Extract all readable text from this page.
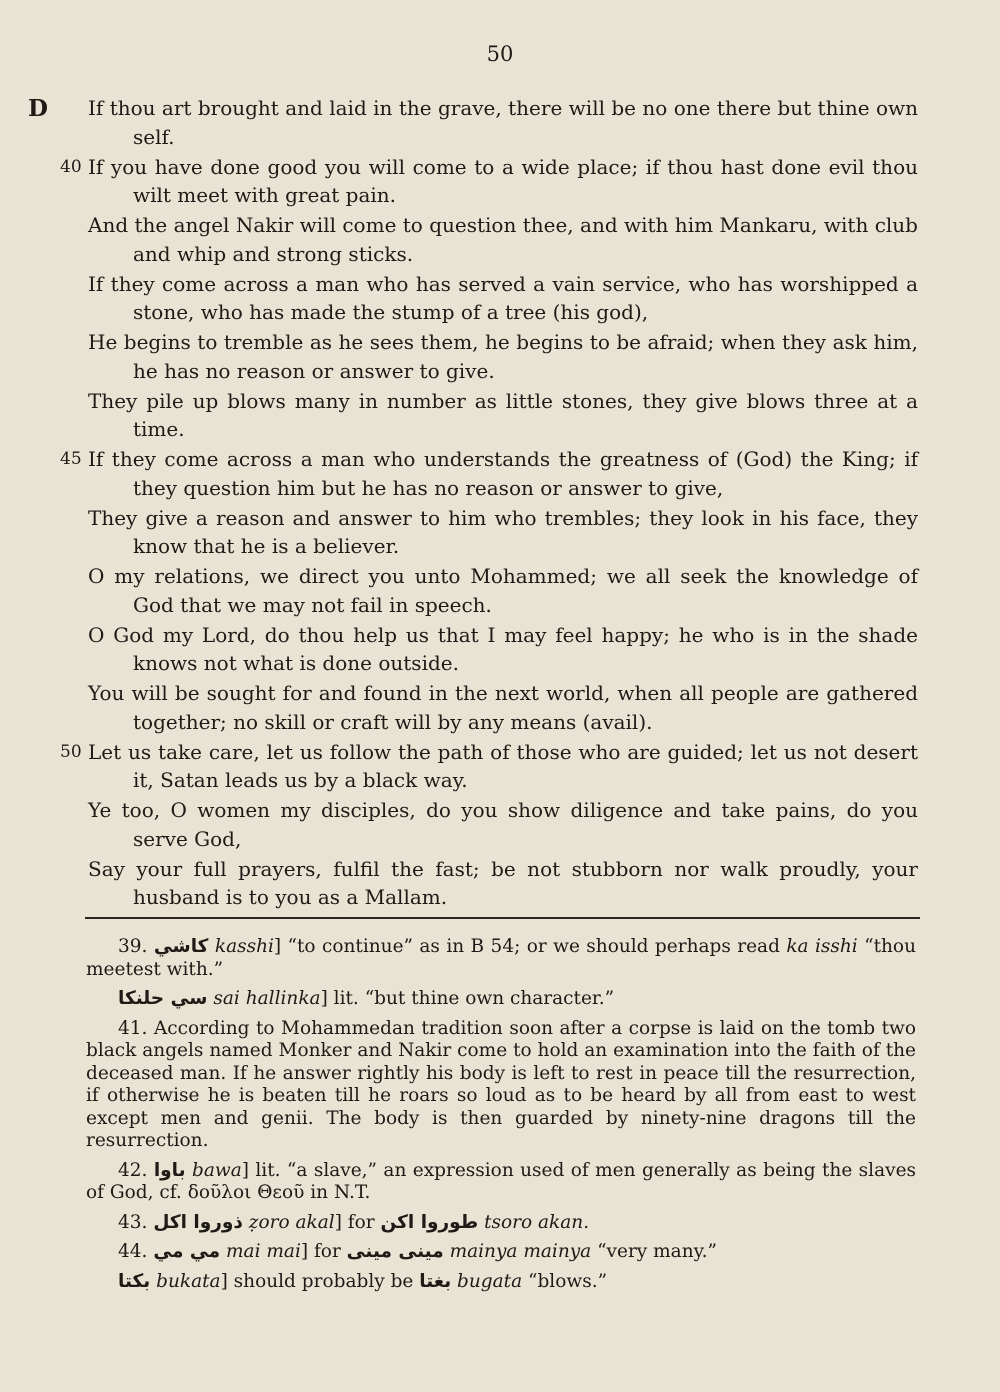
50
D If thou art brought and laid in the grave, there will be no one there but thine own self.
40 If you have done good you will come to a wide place; if thou hast done evil thou wilt meet with great pain.
And the angel Nakir will come to question thee, and with him Mankaru, with club and whip and strong sticks.
If they come across a man who has served a vain service, who has worshipped a stone, who has made the stump of a tree (his god),
He begins to tremble as he sees them, he begins to be afraid; when they ask him, he has no reason or answer to give.
They pile up blows many in number as little stones, they give blows three at a time.
45 If they come across a man who understands the greatness of (God) the King; if they question him but he has no reason or answer to give,
They give a reason and answer to him who trembles; they look in his face, they know that he is a believer.
O my relations, we direct you unto Mohammed; we all seek the knowledge of God that we may not fail in speech.
O God my Lord, do thou help us that I may feel happy; he who is in the shade knows not what is done outside.
You will be sought for and found in the next world, when all people are gathered together; no skill or craft will by any means (avail).
50 Let us take care, let us follow the path of those who are guided; let us not desert it, Satan leads us by a black way.
Ye too, O women my disciples, do you show diligence and take pains, do you serve God,
Say your full prayers, fulfil the fast; be not stubborn nor walk proudly, your husband is to you as a Mallam.

39. كاشي kasshi] “to continue” as in B 54; or we should perhaps read ka isshi “thou meetest with.”

سي حلنكا sai hallinka] lit. “but thine own character.”

41. According to Mohammedan tradition soon after a corpse is laid on the tomb two black angels named Monker and Nakir come to hold an examination into the faith of the deceased man. If he answer rightly his body is left to rest in peace till the resurrection, if otherwise he is beaten till he roars so loud as to be heard by all from east to west except men and genii. The body is then guarded by ninety-nine dragons till the resurrection.

42. باوا bawa] lit. “a slave,” an expression used of men generally as being the slaves of God, cf. δοῦλοι Θεοῦ in N.T.

43. ذوروا اكل ẓoro akal] for طوروا اكن tsoro akan.

44. مي مي mai mai] for مينى مينى mainya mainya “very many.”

بكتا bukata] should probably be بغتا bugata “blows.”
